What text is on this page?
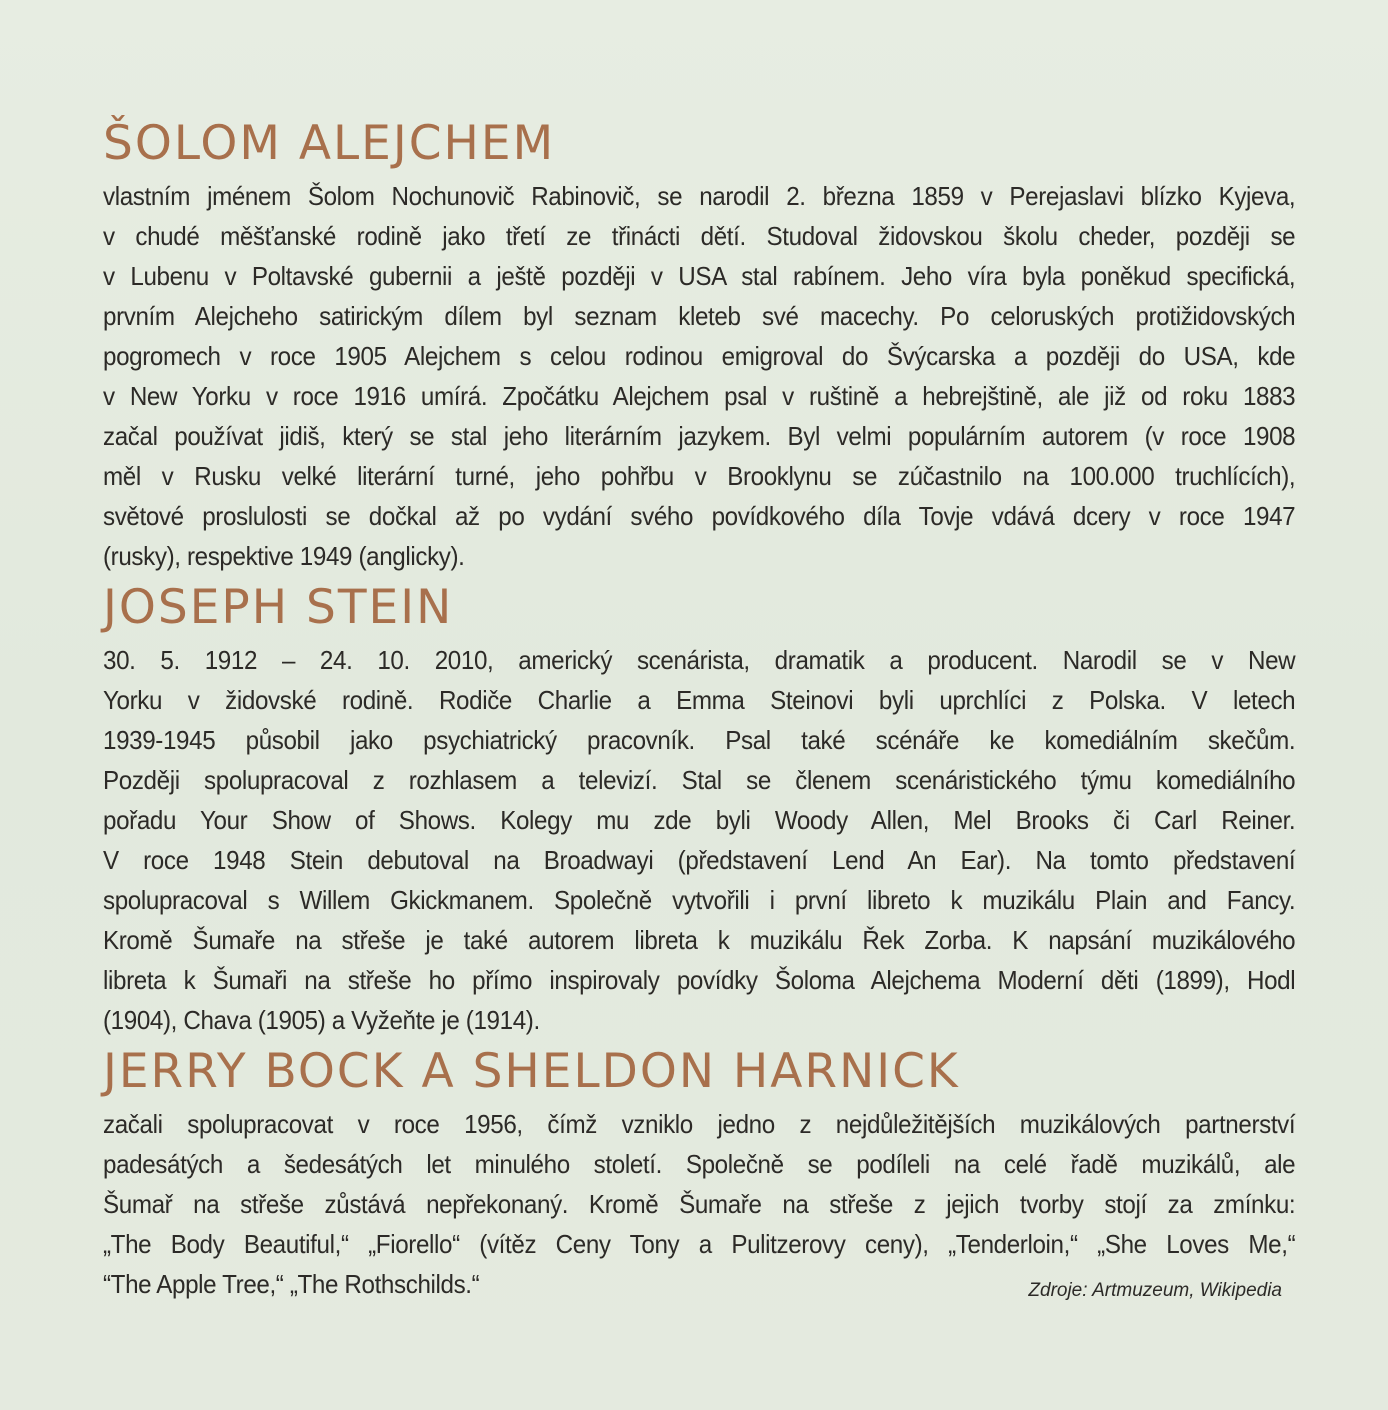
ŠOLOM ALEJCHEM
vlastním jménem Šolom Nochunovič Rabinovič, se narodil 2. března 1859 v Perejaslavi blízko Kyjeva,
v chudé měšťanské rodině jako třetí ze třinácti dětí. Studoval židovskou školu cheder, později se
v Lubenu v Poltavské gubernii a ještě později v USA stal rabínem. Jeho víra byla poněkud specifická,
prvním Alejcheho satirickým dílem byl seznam kleteb své macechy. Po celoruských protižidovských
pogromech v roce 1905 Alejchem s celou rodinou emigroval do Švýcarska a později do USA, kde
v New Yorku v roce 1916 umírá. Zpočátku Alejchem psal v ruštině a hebrejštině, ale již od roku 1883
začal používat jidiš, který se stal jeho literárním jazykem. Byl velmi populárním autorem (v roce 1908
měl v Rusku velké literární turné, jeho pohřbu v Brooklynu se zúčastnilo na 100.000 truchlících),
světové proslulosti se dočkal až po vydání svého povídkového díla Tovje vdává dcery v roce 1947
(rusky), respektive 1949 (anglicky).
JOSEPH STEIN
30. 5. 1912 – 24. 10. 2010, americký scenárista, dramatik a producent. Narodil se v New
Yorku v židovské rodině. Rodiče Charlie a Emma Steinovi byli uprchlíci z Polska. V letech
1939-1945 působil jako psychiatrický pracovník. Psal také scénáře ke komediálním skečům.
Později spolupracoval z rozhlasem a televizí. Stal se členem scenáristického týmu komediálního
pořadu Your Show of Shows. Kolegy mu zde byli Woody Allen, Mel Brooks či Carl Reiner.
V roce 1948 Stein debutoval na Broadwayi (představení Lend An Ear). Na tomto představení
spolupracoval s Willem Gkickmanem. Společně vytvořili i první libreto k muzikálu Plain and Fancy.
Kromě Šumaře na střeše je také autorem libreta k muzikálu Řek Zorba. K napsání muzikálového
libreta k Šumaři na střeše ho přímo inspirovaly povídky Šoloma Alejchema Moderní děti (1899), Hodl
(1904), Chava (1905) a Vyžeňte je (1914).
JERRY BOCK A SHELDON HARNICK
začali spolupracovat v roce 1956, čímž vzniklo jedno z nejdůležitějších muzikálových partnerství
padesátých a šedesátých let minulého století. Společně se podíleli na celé řadě muzikálů, ale
Šumař na střeše zůstává nepřekonaný. Kromě Šumaře na střeše z jejich tvorby stojí za zmínku:
„The Body Beautiful,“ „Fiorello“ (vítěz Ceny Tony a Pulitzerovy ceny), „Tenderloin,“ „She Loves Me,“
“The Apple Tree,“ „The Rothschilds.“	Zdroje: Artmuzeum, Wikipedia
